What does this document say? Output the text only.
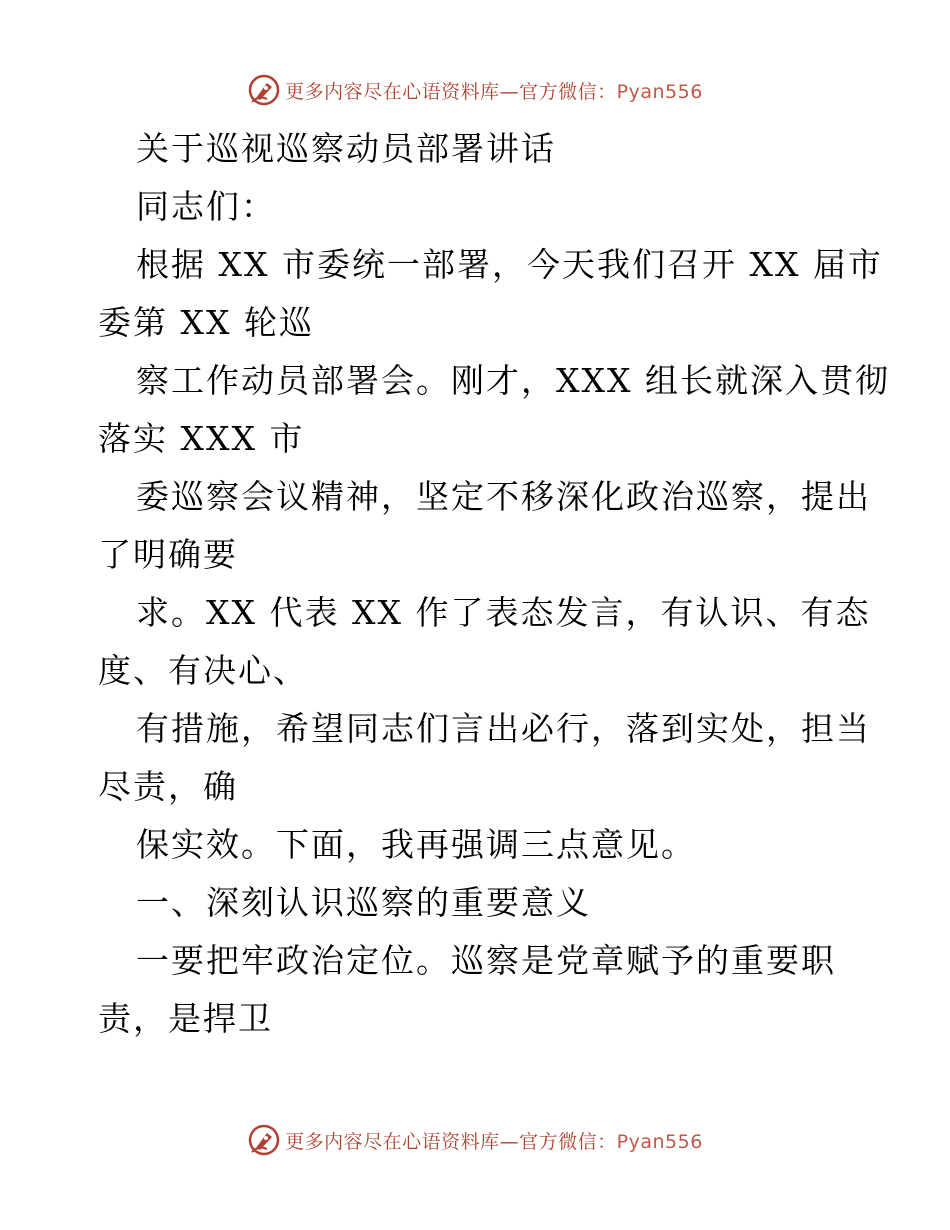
更多内容尽在心语资料库—官方微信：Pyan556
关于巡视巡察动员部署讲话
同志们：
根据 XX 市委统一部署，今天我们召开 XX 届市
委第 XX 轮巡
察工作动员部署会。刚才，XXX 组长就深入贯彻
落实 XXX 市
委巡察会议精神，坚定不移深化政治巡察，提出
了明确要
求。XX 代表 XX 作了表态发言，有认识、有态
度、有决心、
有措施，希望同志们言出必行，落到实处，担当
尽责，确
保实效。下面，我再强调三点意见。
一、深刻认识巡察的重要意义
一要把牢政治定位。巡察是党章赋予的重要职
责，是捍卫
更多内容尽在心语资料库—官方微信：Pyan556
